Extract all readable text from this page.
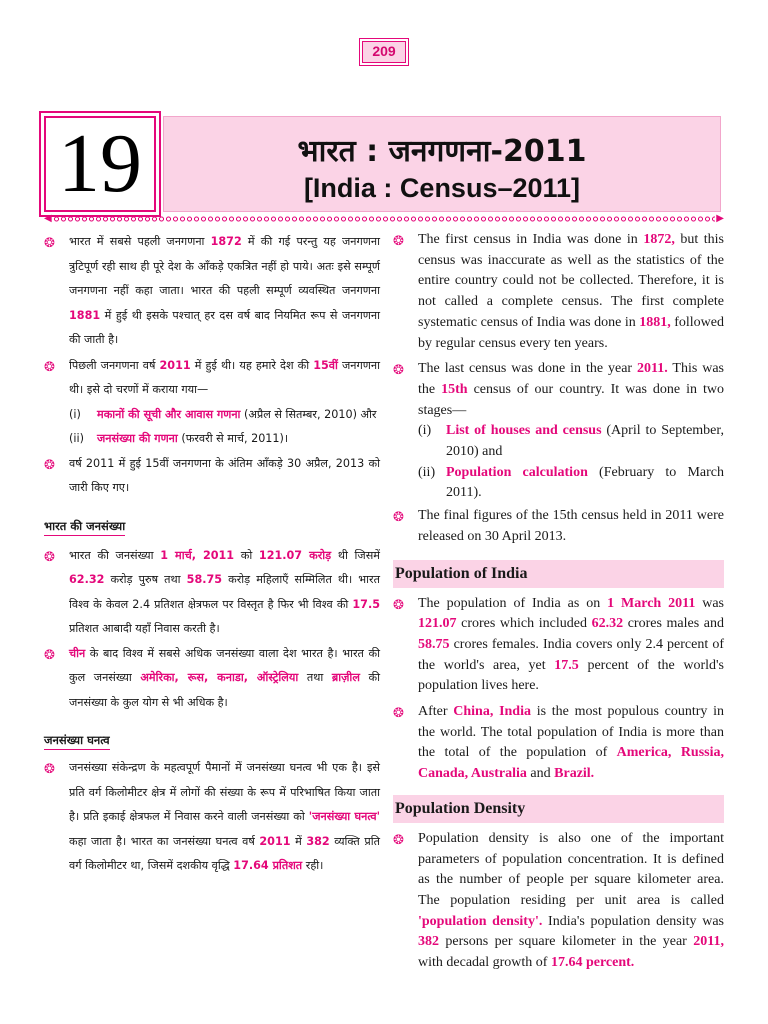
209
19	भारत : जनगणना-2011
[India : Census–2011]
◀	▶
❂ भारत में सबसे पहली जनगणना 1872 में की गई परन्तु यह जनगणना त्रुटिपूर्ण रही साथ ही पूरे देश के आँकड़े एकत्रित नहीं हो पाये। अतः इसे सम्पूर्ण जनगणना नहीं कहा जाता। भारत की पहली सम्पूर्ण व्यवस्थित जनगणना 1881 में हुई थी इसके पश्चात् हर दस वर्ष बाद नियमित रूप से जनगणना की जाती है।
❂ पिछली जनगणना वर्ष 2011 में हुई थी। यह हमारे देश की 15वीं जनगणना थी। इसे दो चरणों में कराया गया—
(i)	मकानों की सूची और आवास गणना (अप्रैल से सितम्बर, 2010) और
(ii)	जनसंख्या की गणना (फरवरी से मार्च, 2011)।
❂ वर्ष 2011 में हुई 15वीं जनगणना के अंतिम आँकड़े 30 अप्रैल, 2013 को जारी किए गए।
भारत की जनसंख्या
❂ भारत की जनसंख्या 1 मार्च, 2011 को 121.07 करोड़ थी जिसमें 62.32 करोड़ पुरुष तथा 58.75 करोड़ महिलाएँ सम्मिलित थी। भारत विश्व के केवल 2.4 प्रतिशत क्षेत्रफल पर विस्तृत है फिर भी विश्व की 17.5 प्रतिशत आबादी यहाँ निवास करती है।
❂ चीन के बाद विश्व में सबसे अधिक जनसंख्या वाला देश भारत है। भारत की कुल जनसंख्या अमेरिका, रूस, कनाडा, ऑस्ट्रेलिया तथा ब्राज़ील की जनसंख्या के कुल योग से भी अधिक है।
जनसंख्या घनत्व
❂ जनसंख्या संकेन्द्रण के महत्वपूर्ण पैमानों में जनसंख्या घनत्व भी एक है। इसे प्रति वर्ग किलोमीटर क्षेत्र में लोगों की संख्या के रूप में परिभाषित किया जाता है। प्रति इकाई क्षेत्रफल में निवास करने वाली जनसंख्या को 'जनसंख्या घनत्व' कहा जाता है। भारत का जनसंख्या घनत्व वर्ष 2011 में 382 व्यक्ति प्रति वर्ग किलोमीटर था, जिसमें दशकीय वृद्धि 17.64 प्रतिशत रही।
❂ The first census in India was done in 1872, but this census was inaccurate as well as the statistics of the entire country could not be collected. Therefore, it is not called a complete census. The first complete systematic census of India was done in 1881, followed by regular census every ten years.
❂ The last census was done in the year 2011. This was the 15th census of our country. It was done in two stages—
(i)	List of houses and census (April to September, 2010) and
(ii) Population calculation (February to March 2011).
❂ The final figures of the 15th census held in 2011 were released on 30 April 2013.
Population of India
❂ The population of India as on 1 March 2011 was 121.07 crores which included 62.32 crores males and 58.75 crores females. India covers only 2.4 percent of the world's area, yet 17.5 percent of the world's population lives here.
❂ After China, India is the most populous country in the world. The total population of India is more than the total of the population of America, Russia, Canada, Australia and Brazil.
Population Density
❂ Population density is also one of the important parameters of population concentration. It is defined as the number of people per square kilometer area. The population residing per unit area is called 'population density'. India's population density was 382 persons per square kilometer in the year 2011, with decadal growth of 17.64 percent.
